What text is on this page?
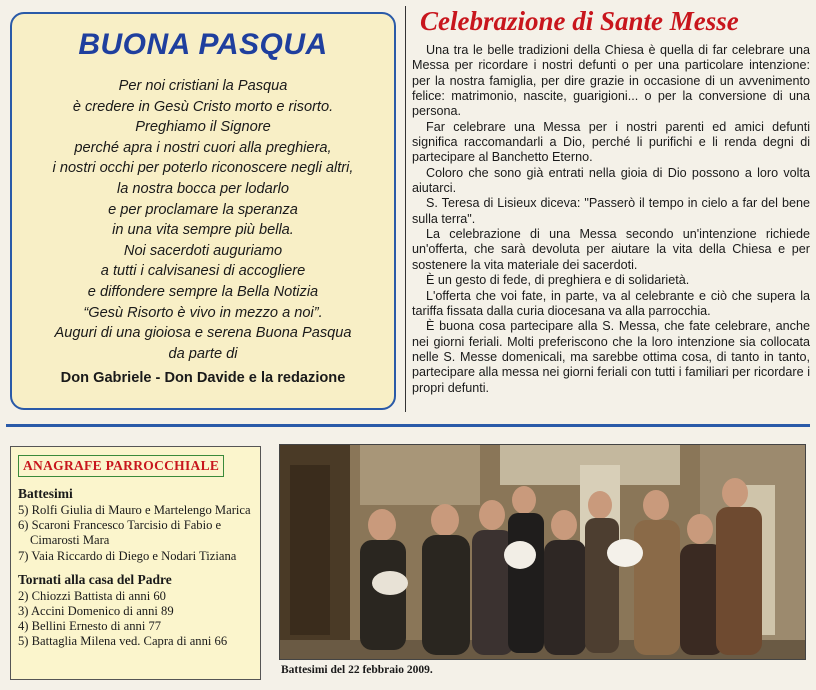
BUONA PASQUA
Per noi cristiani la Pasqua
è credere in Gesù Cristo morto e risorto.
Preghiamo il Signore
perché apra i nostri cuori alla preghiera,
i nostri occhi per poterlo riconoscere negli altri,
la nostra bocca per lodarlo
e per proclamare la speranza
in una vita sempre più bella.
Noi sacerdoti auguriamo
a tutti i calvisanesi di accogliere
e diffondere sempre la Bella Notizia
“Gesù Risorto è vivo in mezzo a noi”.
Auguri di una gioiosa e serena Buona Pasqua
da parte di
Don Gabriele - Don Davide e la redazione
Celebrazione di Sante Messe

Una tra le belle tradizioni della Chiesa è quella di far celebrare una Messa per ricordare i nostri defunti o per una particolare intenzione: per la nostra famiglia, per dire grazie in occasione di un avvenimento felice: matrimonio, nascite, guarigioni... o per la conversione di una persona.

Far celebrare una Messa per i nostri parenti ed amici defunti significa raccomandarli a Dio, perché li purifichi e li renda degni di partecipare al Banchetto Eterno.

Coloro che sono già entrati nella gioia di Dio possono a loro volta aiutarci.

S. Teresa di Lisieux diceva: "Passerò il tempo in cielo a far del bene sulla terra".

La celebrazione di una Messa secondo un'intenzione richiede un'offerta, che sarà devoluta per aiutare la vita della Chiesa e per sostenere la vita materiale dei sacerdoti.

È un gesto di fede, di preghiera e di solidarietà.

L'offerta che voi fate, in parte, va al celebrante e ciò che supera la tariffa fissata dalla curia diocesana va alla parrocchia.

È buona cosa partecipare alla S. Messa, che fate celebrare, anche nei giorni feriali. Molti preferiscono che la loro intenzione sia collocata nelle S. Messe domenicali, ma sarebbe ottima cosa, di tanto in tanto, partecipare alla messa nei giorni feriali con tutti i familiari per ricordare i propri defunti.

ANAGRAFE PARROCCHIALE
Battesimi
5) Rolfi Giulia di Mauro e Martelengo Marica
6) Scaroni Francesco Tarcisio di Fabio e Cimarosti Mara
7) Vaia Riccardo di Diego e Nodari Tiziana
Tornati alla casa del Padre
2) Chiozzi Battista di anni 60
3) Accini Domenico di anni 89
4) Bellini Ernesto di anni 77
5) Battaglia Milena ved. Capra di anni 66
Battesimi del 22 febbraio 2009.
